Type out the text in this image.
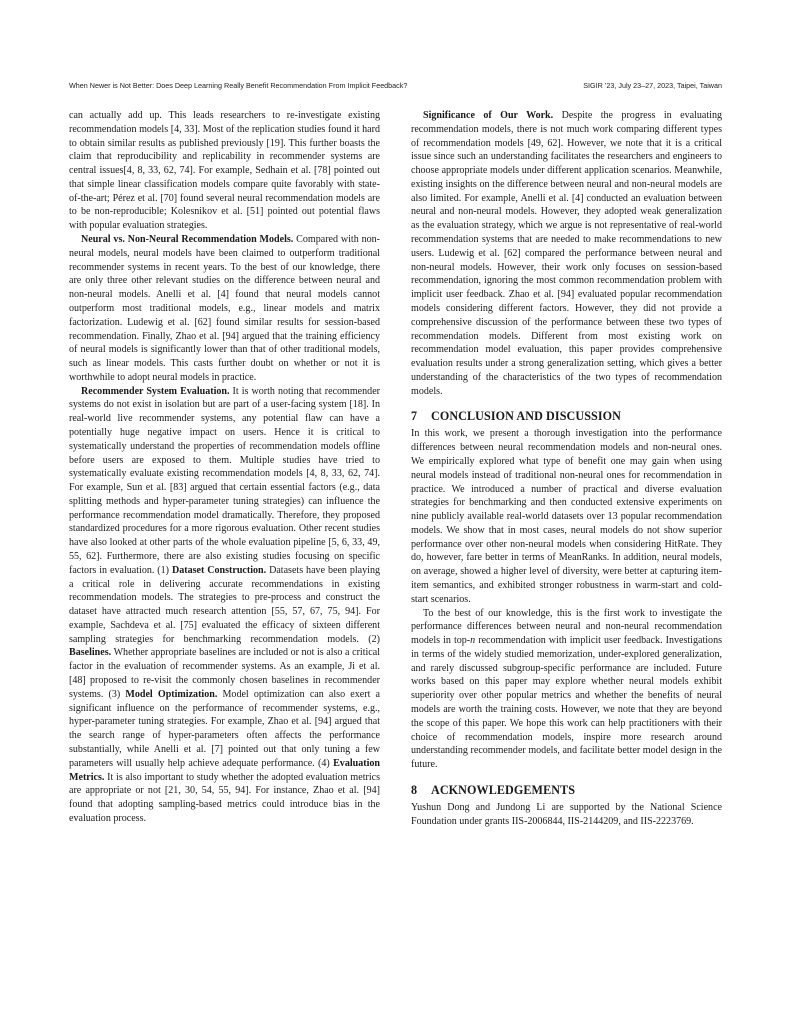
When Newer is Not Better: Does Deep Learning Really Benefit Recommendation From Implicit Feedback?	SIGIR ’23, July 23–27, 2023, Taipei, Taiwan

can actually add up. This leads researchers to re-investigate existing recommendation models [4, 33]. Most of the replication studies found it hard to obtain similar results as published previously [19]. This further boasts the claim that reproducibility and replicability in recommender systems are central issues[4, 8, 33, 62, 74]. For example, Sedhain et al. [78] pointed out that simple linear classification models compare quite favorably with state-of-the-art; Pérez et al. [70] found several neural recommendation models are to be non-reproducible; Kolesnikov et al. [51] pointed out potential flaws with popular evaluation strategies.

Neural vs. Non-Neural Recommendation Models. Compared with non-neural models, neural models have been claimed to outperform traditional recommender systems in recent years. To the best of our knowledge, there are only three other relevant studies on the difference between neural and non-neural models. Anelli et al. [4] found that neural models cannot outperform most traditional models, e.g., linear models and matrix factorization. Ludewig et al. [62] found similar results for session-based recommendation. Finally, Zhao et al. [94] argued that the training efficiency of neural models is significantly lower than that of other traditional models, such as linear models. This casts further doubt on whether or not it is worthwhile to adopt neural models in practice.

Recommender System Evaluation. It is worth noting that recommender systems do not exist in isolation but are part of a user-facing system [18]. In real-world live recommender systems, any potential flaw can have a potentially huge negative impact on users. Hence it is critical to systematically understand the properties of recommendation models offline before users are exposed to them. Multiple studies have tried to systematically evaluate existing recommendation models [4, 8, 33, 62, 74]. For example, Sun et al. [83] argued that certain essential factors (e.g., data splitting methods and hyper-parameter tuning strategies) can influence the performance recommendation model dramatically. Therefore, they proposed standardized procedures for a more rigorous evaluation. Other recent studies have also looked at other parts of the whole evaluation pipeline [5, 6, 33, 49, 55, 62]. Furthermore, there are also existing studies focusing on specific factors in evaluation. (1) Dataset Construction. Datasets have been playing a critical role in delivering accurate recommendations in existing recommendation models. The strategies to pre-process and construct the dataset have attracted much research attention [55, 57, 67, 75, 94]. For example, Sachdeva et al. [75] evaluated the efficacy of sixteen different sampling strategies for benchmarking recommendation models. (2) Baselines. Whether appropriate baselines are included or not is also a critical factor in the evaluation of recommender systems. As an example, Ji et al. [48] proposed to re-visit the commonly chosen baselines in recommender systems. (3) Model Optimization. Model optimization can also exert a significant influence on the performance of recommender systems, e.g., hyper-parameter tuning strategies. For example, Zhao et al. [94] argued that the search range of hyper-parameters often affects the performance substantially, while Anelli et al. [7] pointed out that only tuning a few parameters will usually help achieve adequate performance. (4) Evaluation Metrics. It is also important to study whether the adopted evaluation metrics are appropriate or not [21, 30, 54, 55, 94]. For instance, Zhao et al. [94] found that adopting sampling-based metrics could introduce bias in the evaluation process.

Significance of Our Work. Despite the progress in evaluating recommendation models, there is not much work comparing different types of recommendation models [49, 62]. However, we note that it is a critical issue since such an understanding facilitates the researchers and engineers to choose appropriate models under different application scenarios. Meanwhile, existing insights on the difference between neural and non-neural models are also limited. For example, Anelli et al. [4] conducted an evaluation between neural and non-neural models. However, they adopted weak generalization as the evaluation strategy, which we argue is not representative of real-world recommendation systems that are needed to make recommendations to new users. Ludewig et al. [62] compared the performance between neural and non-neural models. However, their work only focuses on session-based recommendation, ignoring the most common recommendation problem with implicit user feedback. Zhao et al. [94] evaluated popular recommendation models considering different factors. However, they did not provide a comprehensive discussion of the performance between these two types of recommendation models. Different from most existing work on recommendation model evaluation, this paper provides comprehensive evaluation results under a strong generalization setting, which gives a better understanding of the characteristics of the two types of recommendation models.

7 CONCLUSION AND DISCUSSION

In this work, we present a thorough investigation into the performance differences between neural recommendation models and non-neural ones. We empirically explored what type of benefit one may gain when using neural models instead of traditional non-neural ones for recommendation in practice. We introduced a number of practical and diverse evaluation strategies for benchmarking and then conducted extensive experiments on nine publicly available real-world datasets over 13 popular recommendation models. We show that in most cases, neural models do not show superior performance over other non-neural models when considering HitRate. They do, however, fare better in terms of MeanRanks. In addition, neural models, on average, showed a higher level of diversity, were better at capturing item-item semantics, and exhibited stronger robustness in warm-start and cold-start scenarios.

To the best of our knowledge, this is the first work to investigate the performance differences between neural and non-neural recommendation models in top-n recommendation with implicit user feedback. Investigations in terms of the widely studied memorization, under-explored generalization, and rarely discussed subgroup-specific performance are included. Future works based on this paper may explore whether neural models exhibit superiority over other popular metrics and whether the benefits of neural models are worth the training costs. However, we note that they are beyond the scope of this paper. We hope this work can help practitioners with their choice of recommendation models, inspire more research around understanding recommender models, and facilitate better model design in the future.

8 ACKNOWLEDGEMENTS

Yushun Dong and Jundong Li are supported by the National Science Foundation under grants IIS-2006844, IIS-2144209, and IIS-2223769.
